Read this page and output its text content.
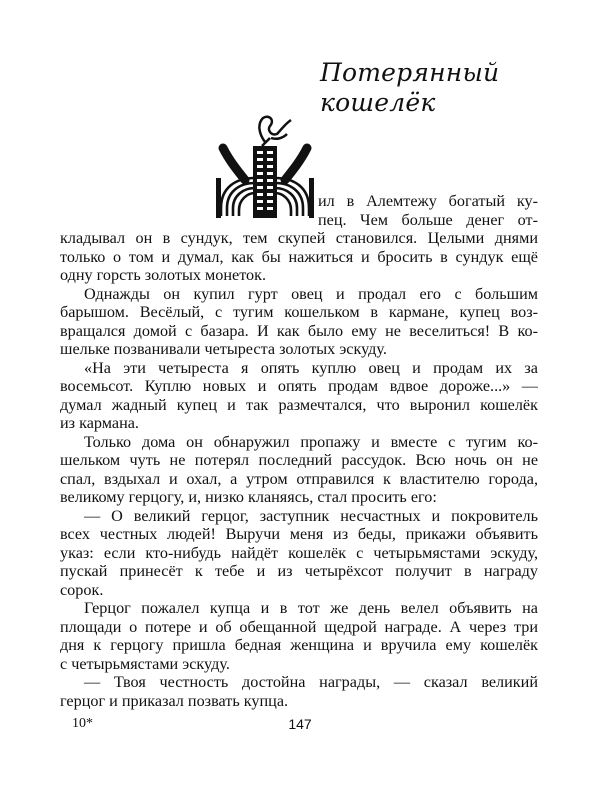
Потерянный
кошелёк
ил в Алемтежу богатый ку-
пец. Чем больше денег от-
кладывал он в сундук, тем скупей становился. Целыми днями
только о том и думал, как бы нажиться и бросить в сундук ещё
одну горсть золотых монеток.
Однажды он купил гурт овец и продал его с большим
барышом. Весёлый, с тугим кошельком в кармане, купец воз-
вращался домой с базара. И как было ему не веселиться! В ко-
шельке позванивали четыреста золотых эскуду.
«На эти четыреста я опять куплю овец и продам их за
восемьсот. Куплю новых и опять продам вдвое дороже...» —
думал жадный купец и так размечтался, что выронил кошелёк
из кармана.
Только дома он обнаружил пропажу и вместе с тугим ко-
шельком чуть не потерял последний рассудок. Всю ночь он не
спал, вздыхал и охал, а утром отправился к властителю города,
великому герцогу, и, низко кланяясь, стал просить его:
— О великий герцог, заступник несчастных и покровитель
всех честных людей! Выручи меня из беды, прикажи объявить
указ: если кто-нибудь найдёт кошелёк с четырьмястами эскуду,
пускай принесёт к тебе и из четырёхсот получит в награду
сорок.
Герцог пожалел купца и в тот же день велел объявить на
площади о потере и об обещанной щедрой награде. А через три
дня к герцогу пришла бедная женщина и вручила ему кошелёк
с четырьмястами эскуду.
— Твоя честность достойна награды, — сказал великий
герцог и приказал позвать купца.
10*	147
